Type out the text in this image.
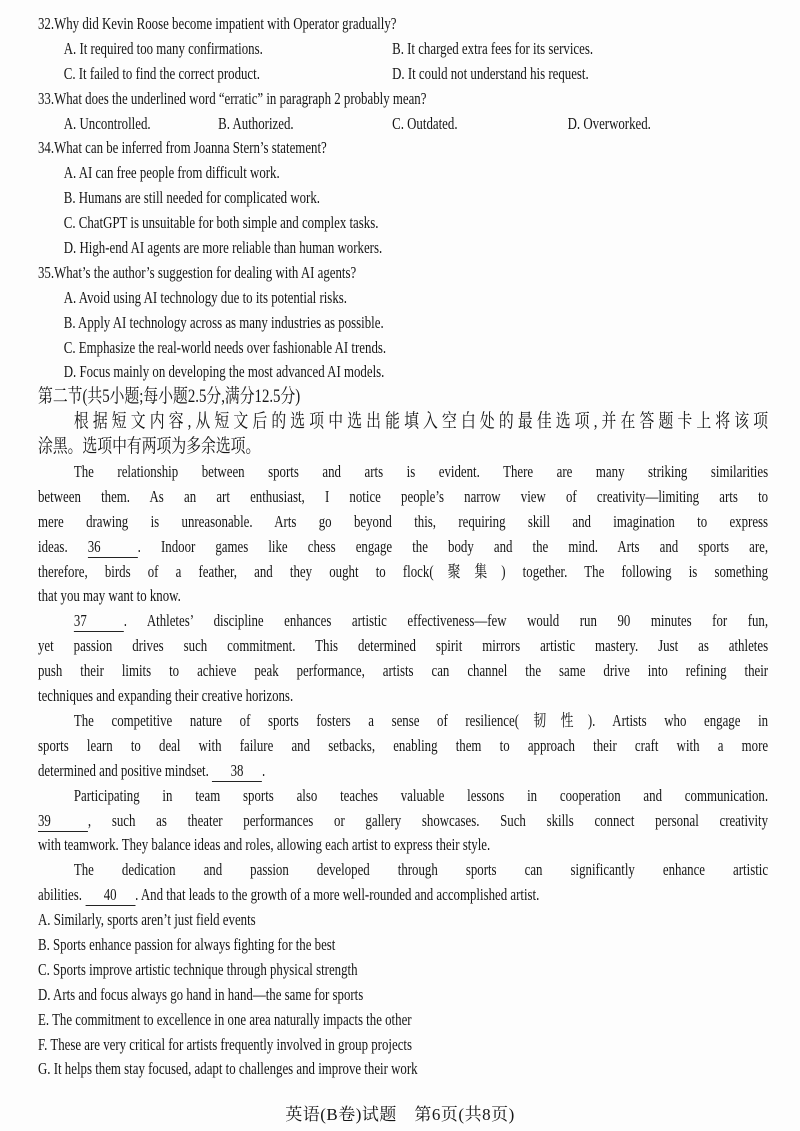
32.Why did Kevin Roose become impatient with Operator gradually?
A. It required too many confirmations.	B. It charged extra fees for its services.
C. It failed to find the correct product.	D. It could not understand his request.
33.What does the underlined word “erratic” in paragraph 2 probably mean?
A. Uncontrolled.	B. Authorized.	C. Outdated.	D. Overworked.
34.What can be inferred from Joanna Stern’s statement?
A. AI can free people from difficult work.
B. Humans are still needed for complicated work.
C. ChatGPT is unsuitable for both simple and complex tasks.
D. High-end AI agents are more reliable than human workers.
35.What’s the author’s suggestion for dealing with AI agents?
A. Avoid using AI technology due to its potential risks.
B. Apply AI technology across as many industries as possible.
C. Emphasize the real-world needs over fashionable AI trends.
D. Focus mainly on developing the most advanced AI models.
第二节(共5小题;每小题2.5分,满分12.5分)
根据短文内容,从短文后的选项中选出能填入空白处的最佳选项,并在答题卡上将该项
涂黑。选项中有两项为多余选项。
The relationship between sports and arts is evident. There are many striking similarities
between them. As an art enthusiast, I notice people’s narrow view of creativity—limiting arts to
mere drawing is unreasonable. Arts go beyond this, requiring skill and imagination to express
ideas. 36 . Indoor games like chess engage the body and the mind. Arts and sports are,
therefore, birds of a feather, and they ought to flock(聚集) together. The following is something
that you may want to know.
37 . Athletes’ discipline enhances artistic effectiveness—few would run 90 minutes for fun,
yet passion drives such commitment. This determined spirit mirrors artistic mastery. Just as athletes
push their limits to achieve peak performance, artists can channel the same drive into refining their
techniques and expanding their creative horizons.
The competitive nature of sports fosters a sense of resilience(韧性). Artists who engage in
sports learn to deal with failure and setbacks, enabling them to approach their craft with a more
determined and positive mindset. 38 .
Participating in team sports also teaches valuable lessons in cooperation and communication.
39 , such as theater performances or gallery showcases. Such skills connect personal creativity
with teamwork. They balance ideas and roles, allowing each artist to express their style.
The dedication and passion developed through sports can significantly enhance artistic
abilities. 40 . And that leads to the growth of a more well-rounded and accomplished artist.
A. Similarly, sports aren’t just field events
B. Sports enhance passion for always fighting for the best
C. Sports improve artistic technique through physical strength
D. Arts and focus always go hand in hand—the same for sports
E. The commitment to excellence in one area naturally impacts the other
F. These are very critical for artists frequently involved in group projects
G. It helps them stay focused, adapt to challenges and improve their work
英语(B卷)试题　第6页(共8页)
